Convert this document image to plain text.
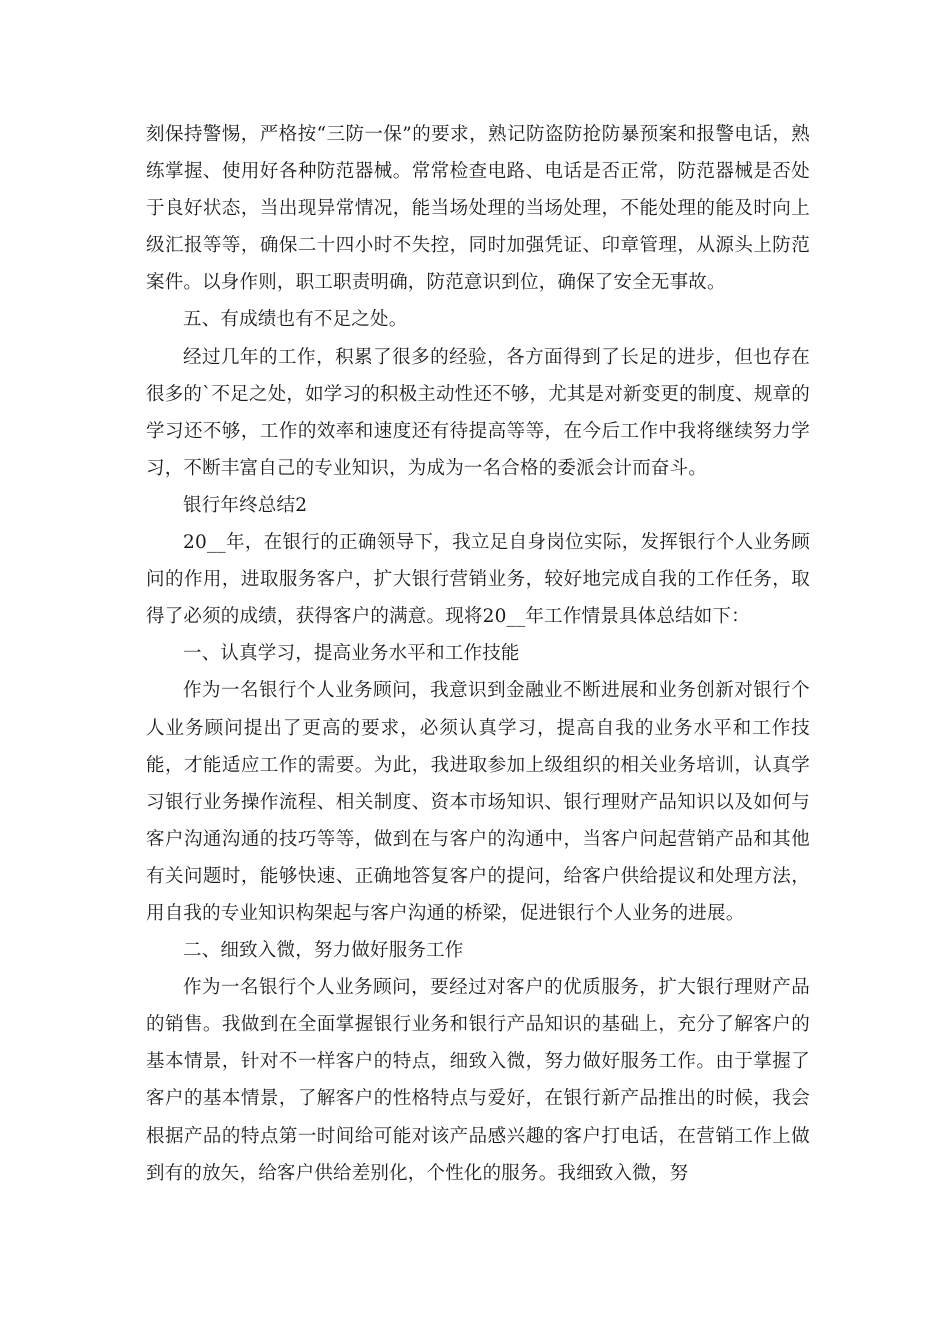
刻保持警惕，严格按“三防一保”的要求，熟记防盗防抢防暴预案和报警电话，熟练掌握、使用好各种防范器械。常常检查电路、电话是否正常，防范器械是否处于良好状态，当出现异常情况，能当场处理的当场处理，不能处理的能及时向上级汇报等等，确保二十四小时不失控，同时加强凭证、印章管理，从源头上防范案件。以身作则，职工职责明确，防范意识到位，确保了安全无事故。

五、有成绩也有不足之处。

经过几年的工作，积累了很多的经验，各方面得到了长足的进步，但也存在很多的`不足之处，如学习的积极主动性还不够，尤其是对新变更的制度、规章的学习还不够，工作的效率和速度还有待提高等等，在今后工作中我将继续努力学习，不断丰富自己的专业知识，为成为一名合格的委派会计而奋斗。

银行年终总结2

20__年，在银行的正确领导下，我立足自身岗位实际，发挥银行个人业务顾问的作用，进取服务客户，扩大银行营销业务，较好地完成自我的工作任务，取得了必须的成绩，获得客户的满意。现将20__年工作情景具体总结如下：

一、认真学习，提高业务水平和工作技能

作为一名银行个人业务顾问，我意识到金融业不断进展和业务创新对银行个人业务顾问提出了更高的要求，必须认真学习，提高自我的业务水平和工作技能，才能适应工作的需要。为此，我进取参加上级组织的相关业务培训，认真学习银行业务操作流程、相关制度、资本市场知识、银行理财产品知识以及如何与客户沟通沟通的技巧等等，做到在与客户的沟通中，当客户问起营销产品和其他有关问题时，能够快速、正确地答复客户的提问，给客户供给提议和处理方法，用自我的专业知识构架起与客户沟通的桥梁，促进银行个人业务的进展。

二、细致入微，努力做好服务工作

作为一名银行个人业务顾问，要经过对客户的优质服务，扩大银行理财产品的销售。我做到在全面掌握银行业务和银行产品知识的基础上，充分了解客户的基本情景，针对不一样客户的特点，细致入微，努力做好服务工作。由于掌握了客户的基本情景，了解客户的性格特点与爱好，在银行新产品推出的时候，我会根据产品的特点第一时间给可能对该产品感兴趣的客户打电话，在营销工作上做到有的放矢，给客户供给差别化，个性化的服务。我细致入微，努
